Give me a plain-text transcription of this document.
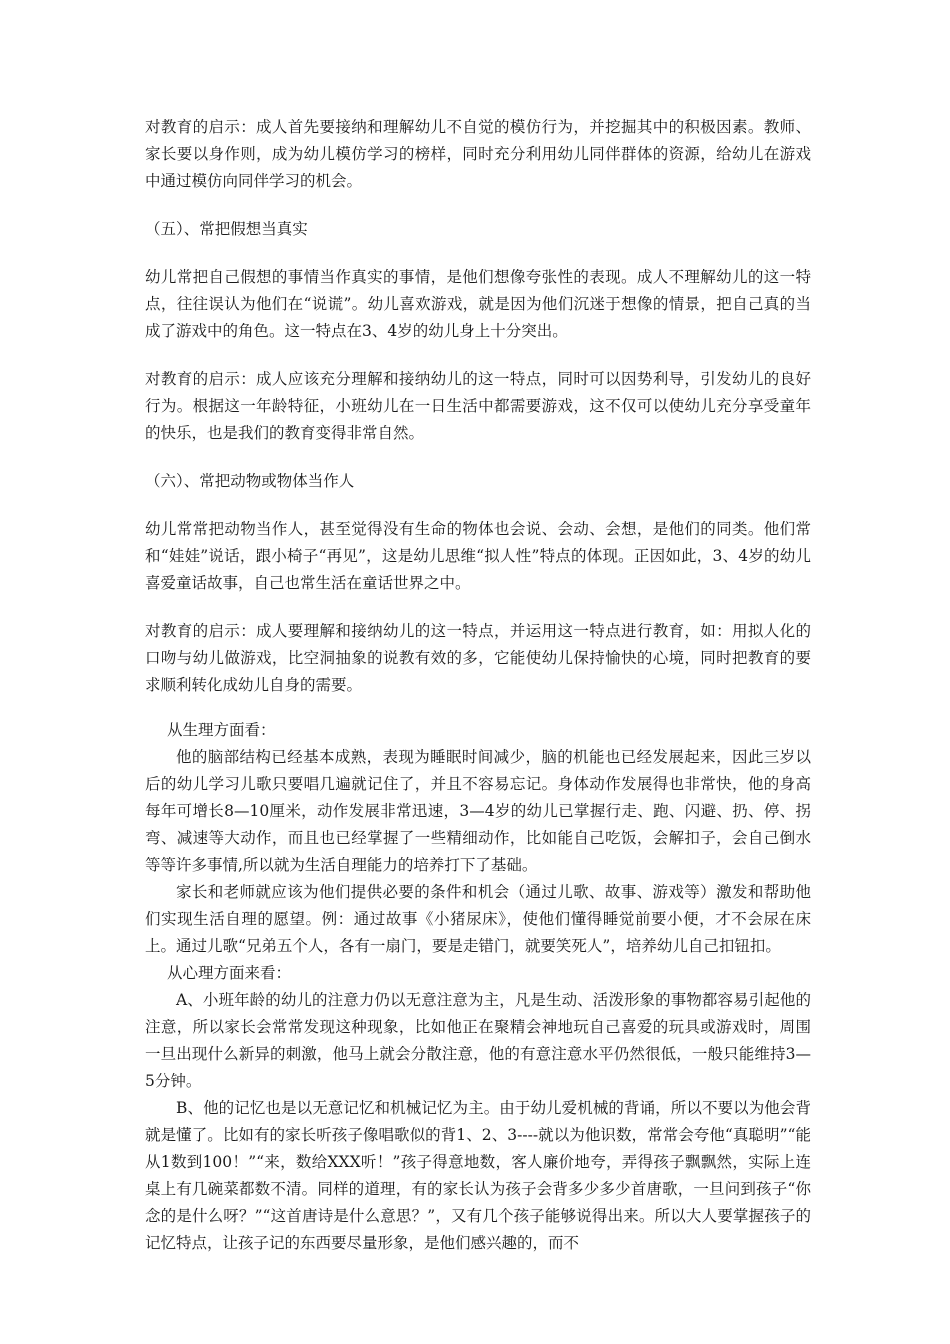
对教育的启示：成人首先要接纳和理解幼儿不自觉的模仿行为，并挖掘其中的积极因素。教师、家长要以身作则，成为幼儿模仿学习的榜样，同时充分利用幼儿同伴群体的资源，给幼儿在游戏中通过模仿向同伴学习的机会。

（五）、常把假想当真实

幼儿常把自己假想的事情当作真实的事情，是他们想像夸张性的表现。成人不理解幼儿的这一特点，往往误认为他们在“说谎”。幼儿喜欢游戏，就是因为他们沉迷于想像的情景，把自己真的当成了游戏中的角色。这一特点在3、4岁的幼儿身上十分突出。

对教育的启示：成人应该充分理解和接纳幼儿的这一特点，同时可以因势利导，引发幼儿的良好行为。根据这一年龄特征，小班幼儿在一日生活中都需要游戏，这不仅可以使幼儿充分享受童年的快乐，也是我们的教育变得非常自然。

（六）、常把动物或物体当作人

幼儿常常把动物当作人，甚至觉得没有生命的物体也会说、会动、会想，是他们的同类。他们常和“娃娃”说话，跟小椅子“再见”，这是幼儿思维“拟人性”特点的体现。正因如此，3、4岁的幼儿喜爱童话故事，自己也常生活在童话世界之中。

对教育的启示：成人要理解和接纳幼儿的这一特点，并运用这一特点进行教育，如：用拟人化的口吻与幼儿做游戏，比空洞抽象的说教有效的多，它能使幼儿保持愉快的心境，同时把教育的要求顺利转化成幼儿自身的需要。

从生理方面看：

他的脑部结构已经基本成熟，表现为睡眠时间减少，脑的机能也已经发展起来，因此三岁以后的幼儿学习儿歌只要唱几遍就记住了，并且不容易忘记。身体动作发展得也非常快，他的身高每年可增长8—10厘米，动作发展非常迅速，3—4岁的幼儿已掌握行走、跑、闪避、扔、停、拐弯、减速等大动作，而且也已经掌握了一些精细动作，比如能自己吃饭，会解扣子，会自己倒水等等许多事情,所以就为生活自理能力的培养打下了基础。

家长和老师就应该为他们提供必要的条件和机会（通过儿歌、故事、游戏等）激发和帮助他们实现生活自理的愿望。例：通过故事《小猪尿床》，使他们懂得睡觉前要小便，才不会尿在床上。通过儿歌“兄弟五个人，各有一扇门，要是走错门，就要笑死人”，培养幼儿自己扣钮扣。

从心理方面来看：

A、小班年龄的幼儿的注意力仍以无意注意为主，凡是生动、活泼形象的事物都容易引起他的注意，所以家长会常常发现这种现象，比如他正在聚精会神地玩自己喜爱的玩具或游戏时，周围一旦出现什么新异的刺激，他马上就会分散注意，他的有意注意水平仍然很低，一般只能维持3—5分钟。

B、他的记忆也是以无意记忆和机械记忆为主。由于幼儿爱机械的背诵，所以不要以为他会背就是懂了。比如有的家长听孩子像唱歌似的背1、2、3----就以为他识数，常常会夸他“真聪明”“能从1数到100！”“来，数给XXX听！”孩子得意地数，客人廉价地夸，弄得孩子飘飘然，实际上连桌上有几碗菜都数不清。同样的道理，有的家长认为孩子会背多少多少首唐歌，一旦问到孩子“你念的是什么呀？”“这首唐诗是什么意思？”，又有几个孩子能够说得出来。所以大人要掌握孩子的记忆特点，让孩子记的东西要尽量形象，是他们感兴趣的，而不
